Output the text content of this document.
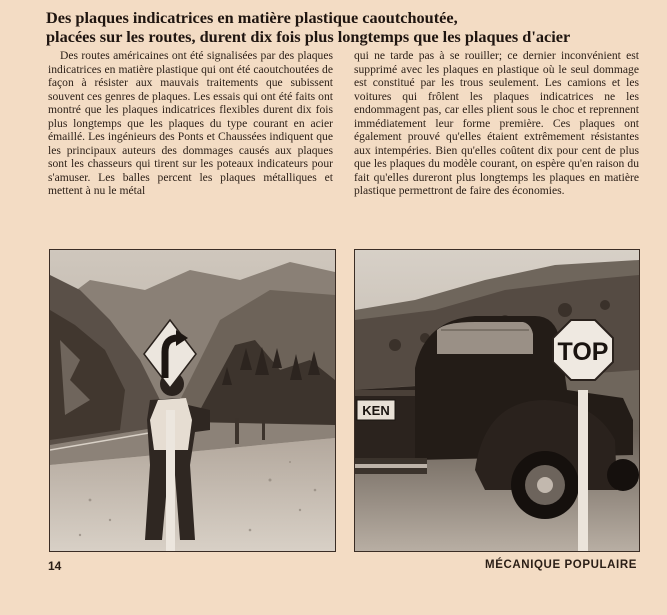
Des plaques indicatrices en matière plastique caoutchoutée,
placées sur les routes, durent dix fois plus longtemps que les plaques d'acier

Des routes américaines ont été signalisées par des plaques indicatrices en matière plastique qui ont été caoutchoutées de façon à résister aux mauvais traitements que subissent souvent ces genres de plaques. Les essais qui ont été faits ont montré que les plaques indicatrices flexibles durent dix fois plus longtemps que les plaques du type courant en acier émaillé. Les ingénieurs des Ponts et Chaussées indiquent que les principaux auteurs des dommages causés aux plaques sont les chasseurs qui tirent sur les poteaux indicateurs pour s'amuser. Les balles percent les plaques métalliques et mettent à nu le métal

qui ne tarde pas à se rouiller; ce dernier inconvénient est supprimé avec les plaques en plastique où le seul dommage est constitué par les trous seulement. Les camions et les voitures qui frôlent les plaques indicatrices ne les endommagent pas, car elles plient sous le choc et reprennent immédiatement leur forme première. Ces plaques ont également prouvé qu'elles étaient extrêmement résistantes aux intempéries. Bien qu'elles coûtent dix pour cent de plus que les plaques du modèle courant, on espère qu'en raison du fait qu'elles dureront plus longtemps les plaques en matière plastique permettront de faire des économies.

KEN
TOP
14	MÉCANIQUE POPULAIRE
